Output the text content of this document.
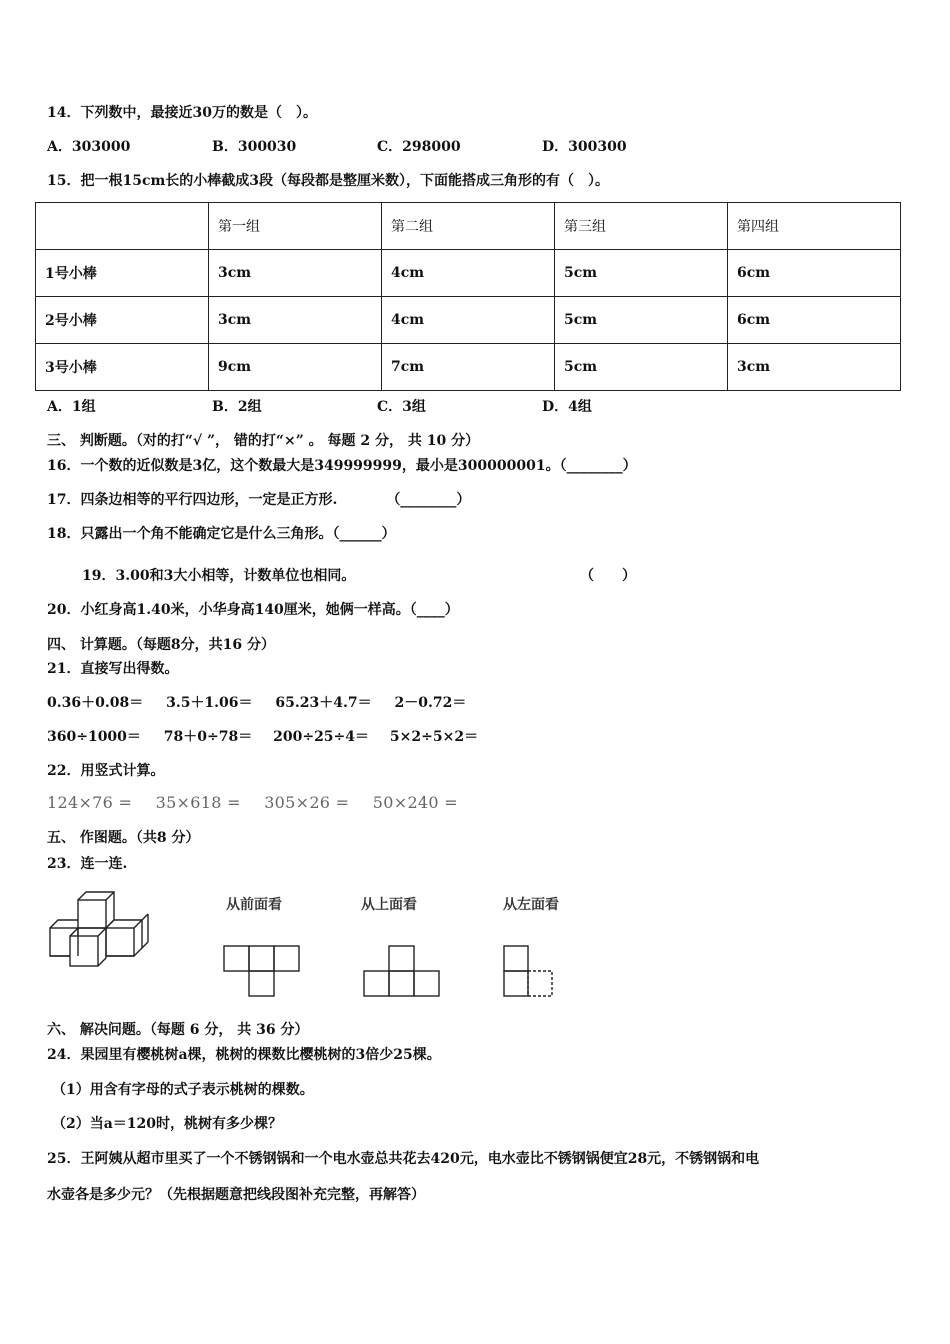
14．下列数中，最接近30万的数是（　）。
A．303000	B．300030	C．298000	D．300300
15．把一根15cm长的小棒截成3段（每段都是整厘米数），下面能搭成三角形的有（　）。
	第一组	第二组	第三组	第四组
1号小棒	3cm	4cm	5cm	6cm
2号小棒	3cm	4cm	5cm	6cm
3号小棒	9cm	7cm	5cm	3cm
A．1组	B．2组	C．3组	D．4组
三、 判断题。（对的打“√ ”， 错的打“×” 。 每题 2 分， 共 10 分）
16．一个数的近似数是3亿，这个数最大是349999999，最小是300000001。（________）
17．四条边相等的平行四边形，一定是正方形.　　　　（________）
18．只露出一个角不能确定它是什么三角形。（______）
19．3.00和3大小相等，计数单位也相同。	（　　）
20．小红身高1.40米，小华身高140厘米，她俩一样高。（____）
四、 计算题。（每题8分，共16 分）
21．直接写出得数。
0.36＋0.08＝ 3.5＋1.06＝ 65.23＋4.7＝ 2－0.72＝
360÷1000＝ 78＋0÷78＝ 200÷25÷4＝ 5×2÷5×2＝
22．用竖式计算。
124×76 = 35×618 = 305×26 = 50×240 =
五、 作图题。（共8 分）
23．连一连.
从前面看	从上面看	从左面看
六、 解决问题。（每题 6 分， 共 36 分）
24．果园里有樱桃树a棵，桃树的棵数比樱桃树的3倍少25棵。
（1）用含有字母的式子表示桃树的棵数。
（2）当a＝120时，桃树有多少棵？
25．王阿姨从超市里买了一个不锈钢锅和一个电水壶总共花去420元，电水壶比不锈钢锅便宜28元，不锈钢锅和电
水壶各是多少元？（先根据题意把线段图补充完整，再解答）
